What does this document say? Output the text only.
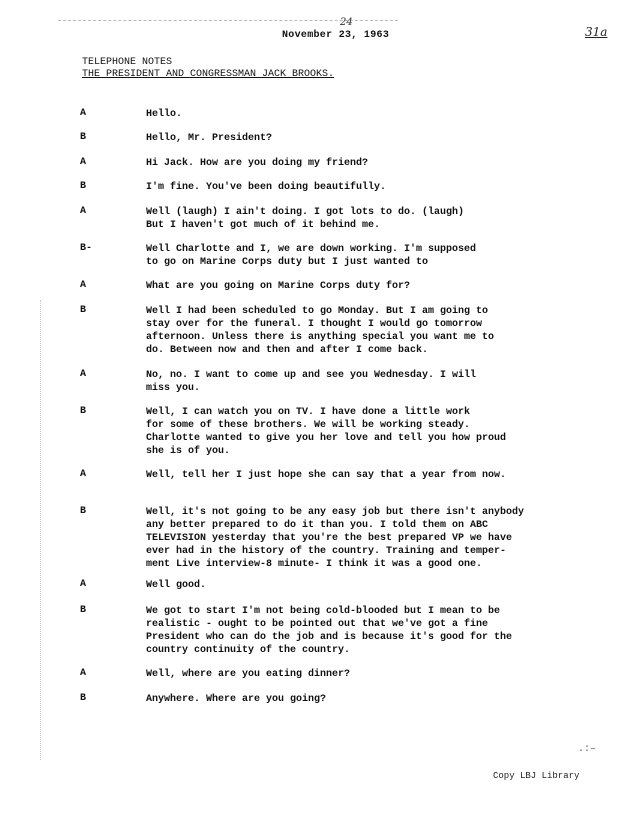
November 23, 1963
24
31a
TELEPHONE NOTES
THE PRESIDENT AND CONGRESSMAN JACK BROOKS.
A	Hello.
B	Hello, Mr. President?
A	Hi Jack. How are you doing my friend?
B	I'm fine. You've been doing beautifully.
A	Well (laugh) I ain't doing. I got lots to do. (laugh)
But I haven't got much of it behind me.
B-	Well Charlotte and I, we are down working. I'm supposed
to go on Marine Corps duty but I just wanted to
A	What are you going on Marine Corps duty for?
B	Well I had been scheduled to go Monday. But I am going to
stay over for the funeral. I thought I would go tomorrow
afternoon. Unless there is anything special you want me to
do. Between now and then and after I come back.
A	No, no. I want to come up and see you Wednesday. I will
miss you.
B	Well, I can watch you on TV. I have done a little work
for some of these brothers. We will be working steady.
Charlotte wanted to give you her love and tell you how proud
she is of you.
A	Well, tell her I just hope she can say that a year from now.
B	Well, it's not going to be any easy job but there isn't anybody
any better prepared to do it than you. I told them on ABC
TELEVISION yesterday that you're the best prepared VP we have
ever had in the history of the country. Training and temper-
ment Live interview-8 minute- I think it was a good one.
A	Well good.
B	We got to start I'm not being cold-blooded but I mean to be
realistic - ought to be pointed out that we've got a fine
President who can do the job and is because it's good for the
country continuity of the country.
A	Well, where are you eating dinner?
B	Anywhere. Where are you going?
.:–
Copy LBJ Library
